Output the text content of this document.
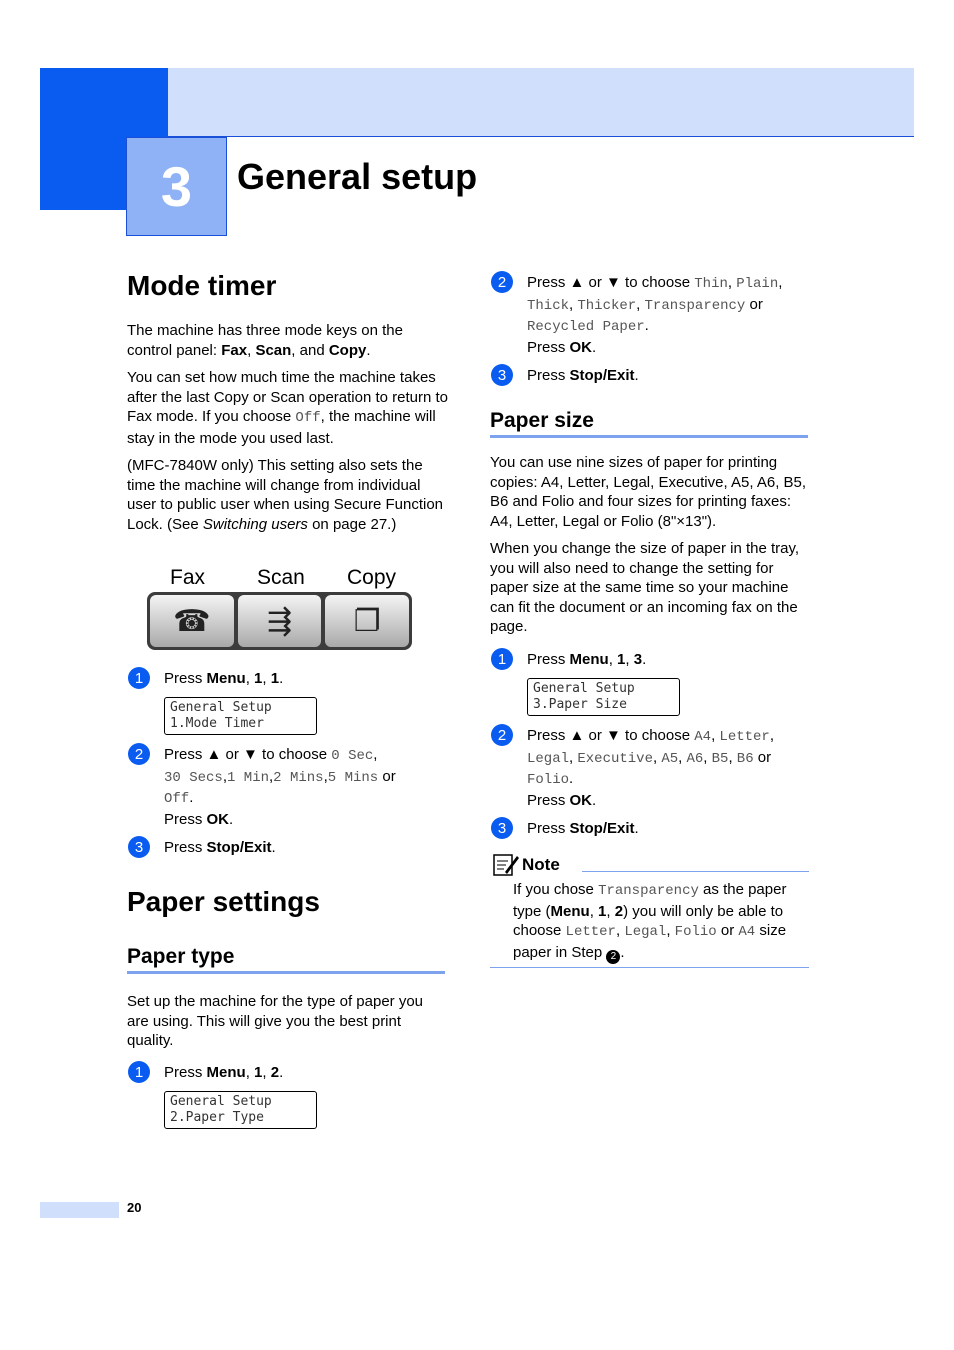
3	General setup
Mode timer

The machine has three mode keys on the control panel: Fax, Scan, and Copy.

You can set how much time the machine takes after the last Copy or Scan operation to return to Fax mode. If you choose Off, the machine will stay in the mode you used last.

(MFC-7840W only) This setting also sets the time the machine will change from individual user to public user when using Secure Function Lock. (See Switching users on page 27.)

Fax Scan Copy
☎	⇶	❐
1	Press Menu, 1, 1.
General Setup
1.Mode Timer
2	Press ▲ or ▼ to choose 0 Sec,
30 Secs,1 Min,2 Mins,5 Mins or
Off.
Press OK.
3	Press Stop/Exit.
Paper settings
Paper type

Set up the machine for the type of paper you are using. This will give you the best print quality.

1	Press Menu, 1, 2.
General Setup
2.Paper Type
2	Press ▲ or ▼ to choose Thin, Plain,
Thick, Thicker, Transparency or
Recycled Paper.
Press OK.
3	Press Stop/Exit.
Paper size

You can use nine sizes of paper for printing copies: A4, Letter, Legal, Executive, A5, A6, B5, B6 and Folio and four sizes for printing faxes: A4, Letter, Legal or Folio (8"×13").

When you change the size of paper in the tray, you will also need to change the setting for paper size at the same time so your machine can fit the document or an incoming fax on the page.

1	Press Menu, 1, 3.
General Setup
3.Paper Size
2	Press ▲ or ▼ to choose A4, Letter,
Legal, Executive, A5, A6, B5, B6 or
Folio.
Press OK.
3	Press Stop/Exit.
Note

If you chose Transparency as the paper type (Menu, 1, 2) you will only be able to choose Letter, Legal, Folio or A4 size paper in Step 2 .

20
